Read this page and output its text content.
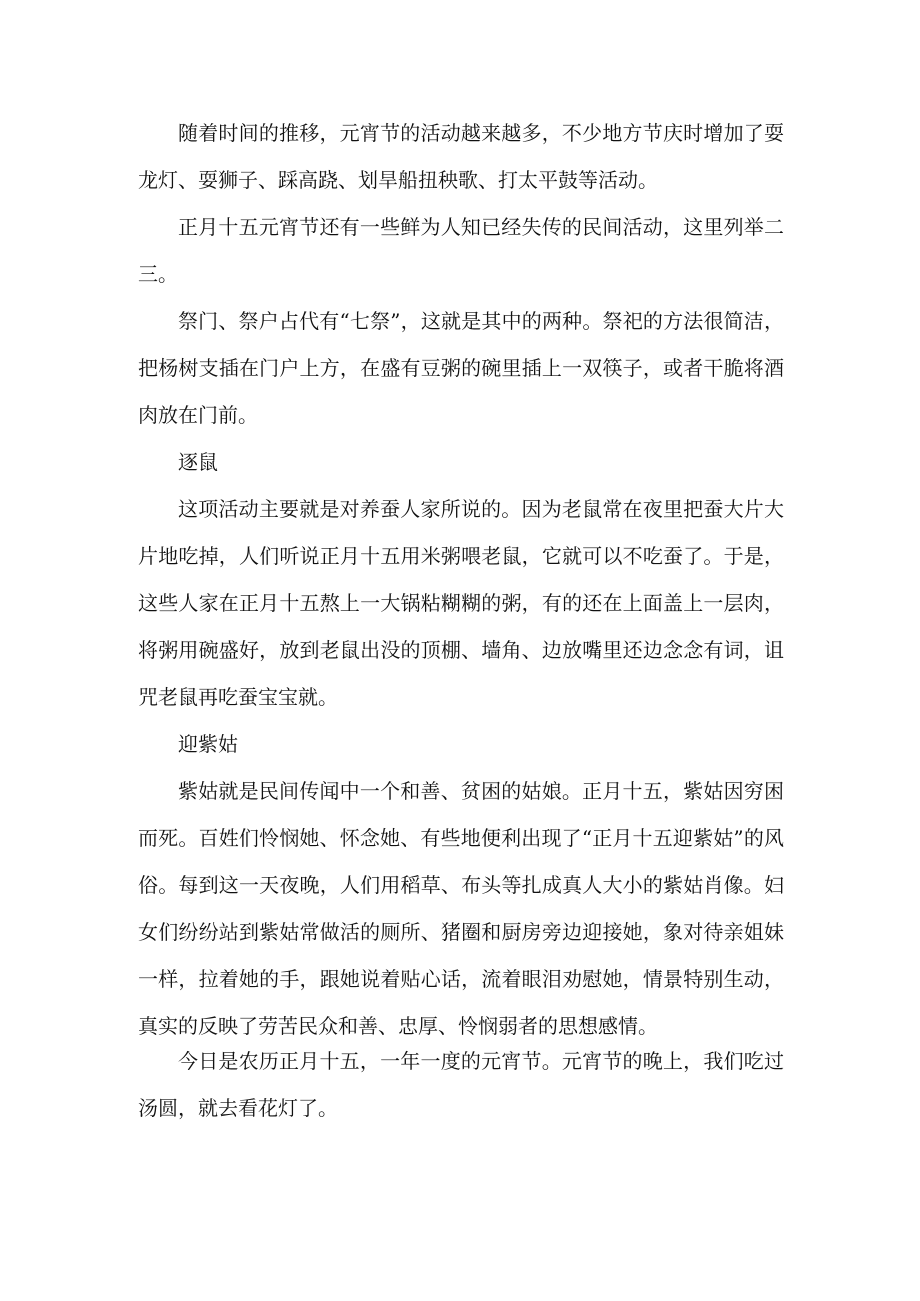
随着时间的推移，元宵节的活动越来越多，不少地方节庆时增加了耍龙灯、耍狮子、踩高跷、划旱船扭秧歌、打太平鼓等活动。

正月十五元宵节还有一些鲜为人知已经失传的民间活动，这里列举二三。

祭门、祭户占代有“七祭”，这就是其中的两种。祭祀的方法很简洁，把杨树支插在门户上方，在盛有豆粥的碗里插上一双筷子，或者干脆将酒肉放在门前。

逐鼠

这项活动主要就是对养蚕人家所说的。因为老鼠常在夜里把蚕大片大片地吃掉，人们听说正月十五用米粥喂老鼠，它就可以不吃蚕了。于是，这些人家在正月十五熬上一大锅粘糊糊的粥，有的还在上面盖上一层肉，将粥用碗盛好，放到老鼠出没的顶棚、墙角、边放嘴里还边念念有词，诅咒老鼠再吃蚕宝宝就。

迎紫姑

紫姑就是民间传闻中一个和善、贫困的姑娘。正月十五，紫姑因穷困而死。百姓们怜悯她、怀念她、有些地便利出现了“正月十五迎紫姑”的风俗。每到这一天夜晚，人们用稻草、布头等扎成真人大小的紫姑肖像。妇女们纷纷站到紫姑常做活的厕所、猪圈和厨房旁边迎接她，象对待亲姐妹一样，拉着她的手，跟她说着贴心话，流着眼泪劝慰她，情景特别生动，真实的反映了劳苦民众和善、忠厚、怜悯弱者的思想感情。

今日是农历正月十五，一年一度的元宵节。元宵节的晚上，我们吃过汤圆，就去看花灯了。
